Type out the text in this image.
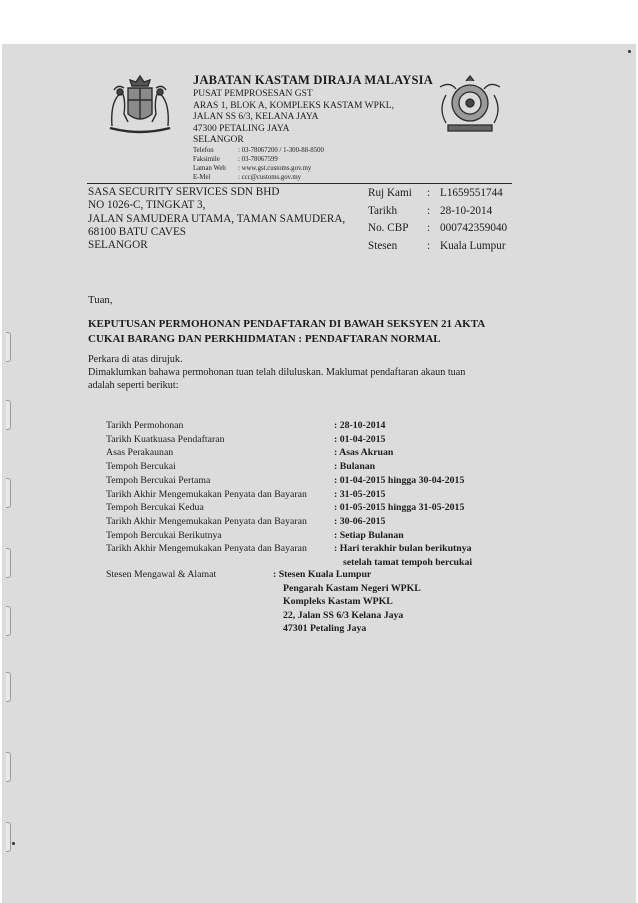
JABATAN KASTAM DIRAJA MALAYSIA
PUSAT PEMPROSESAN GST
ARAS 1, BLOK A, KOMPLEKS KASTAM WPKL,
JALAN SS 6/3, KELANA JAYA
47300 PETALING JAYA
SELANGOR
Telefon	: 03-78067200 / 1-300-88-8500
Faksimile	: 03-78067599
Laman Web : www.gst.customs.gov.my
E-Mel	: ccc@customs.gov.my
SASA SECURITY SERVICES SDN BHD
NO 1026-C, TINGKAT 3,
JALAN SAMUDERA UTAMA, TAMAN SAMUDERA,
68100 BATU CAVES
SELANGOR
Ruj Kami : L1659551744
Tarikh	: 28-10-2014
No. CBP : 000742359040
Stesen	: Kuala Lumpur
Tuan,
KEPUTUSAN PERMOHONAN PENDAFTARAN DI BAWAH SEKSYEN 21 AKTA
CUKAI BARANG DAN PERKHIDMATAN : PENDAFTARAN NORMAL
Perkara di atas dirujuk.
Dimaklumkan bahawa permohonan tuan telah diluluskan. Maklumat pendaftaran akaun tuan
adalah seperti berikut:
Tarikh Permohonan	: 28-10-2014
Tarikh Kuatkuasa Pendaftaran	: 01-04-2015
Asas Perakaunan	: Asas Akruan
Tempoh Bercukai	: Bulanan
Tempoh Bercukai Pertama	: 01-04-2015 hingga 30-04-2015
Tarikh Akhir Mengemukakan Penyata dan Bayaran	: 31-05-2015
Tempoh Bercukai Kedua	: 01-05-2015 hingga 31-05-2015
Tarikh Akhir Mengemukakan Penyata dan Bayaran	: 30-06-2015
Tempoh Bercukai Berikutnya	: Setiap Bulanan
Tarikh Akhir Mengemukakan Penyata dan Bayaran	: Hari terakhir bulan berikutnya
setelah tamat tempoh bercukai
Stesen Mengawal & Alamat	: Stesen Kuala Lumpur
Pengarah Kastam Negeri WPKL
Kompleks Kastam WPKL
22, Jalan SS 6/3 Kelana Jaya
47301 Petaling Jaya
